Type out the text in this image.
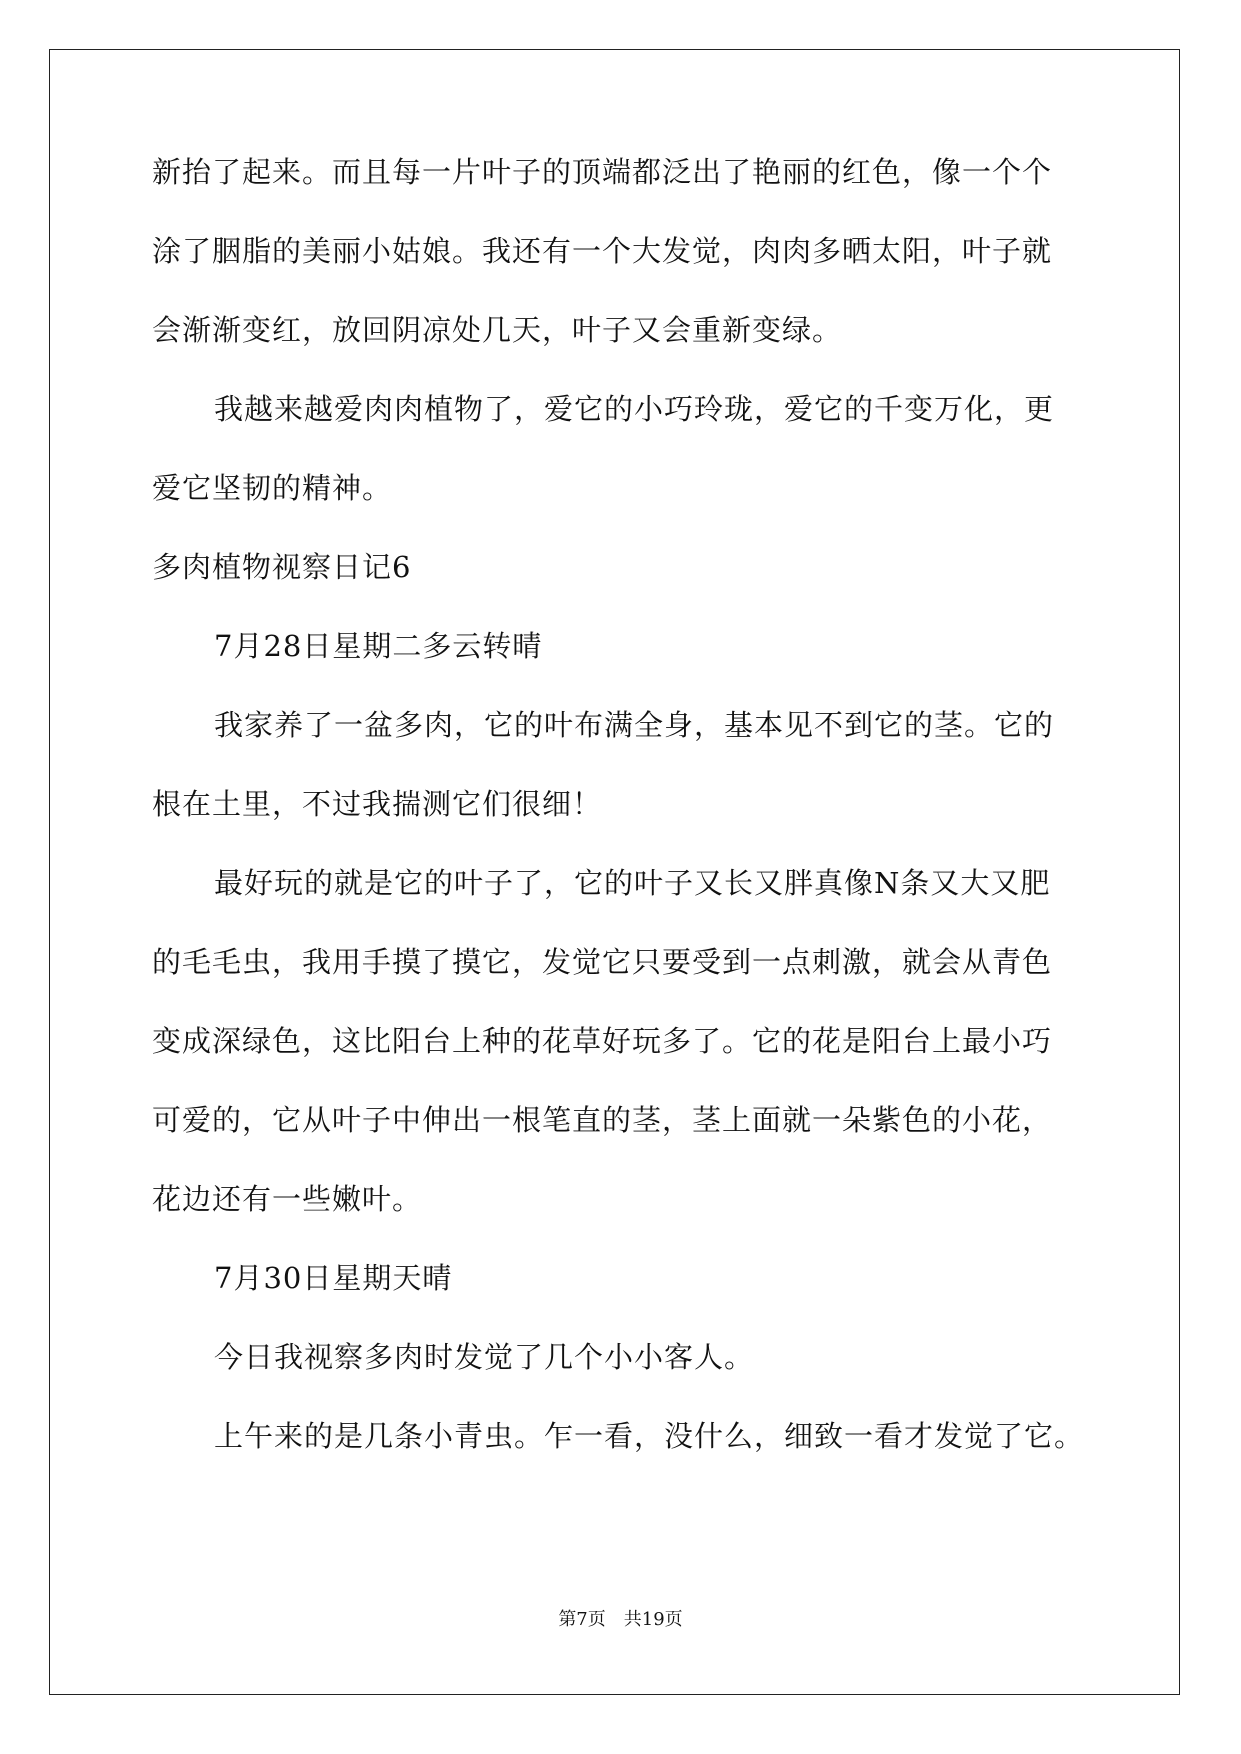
新抬了起来。而且每一片叶子的顶端都泛出了艳丽的红色，像一个个
涂了胭脂的美丽小姑娘。我还有一个大发觉，肉肉多晒太阳，叶子就
会渐渐变红，放回阴凉处几天，叶子又会重新变绿。
我越来越爱肉肉植物了，爱它的小巧玲珑，爱它的千变万化，更
爱它坚韧的精神。
多肉植物视察日记6
7月28日星期二多云转晴
我家养了一盆多肉，它的叶布满全身，基本见不到它的茎。它的
根在土里，不过我揣测它们很细！
最好玩的就是它的叶子了，它的叶子又长又胖真像N条又大又肥
的毛毛虫，我用手摸了摸它，发觉它只要受到一点刺激，就会从青色
变成深绿色，这比阳台上种的花草好玩多了。它的花是阳台上最小巧
可爱的，它从叶子中伸出一根笔直的茎，茎上面就一朵紫色的小花，
花边还有一些嫩叶。
7月30日星期天晴
今日我视察多肉时发觉了几个小小客人。
上午来的是几条小青虫。乍一看，没什么，细致一看才发觉了它。
第7页　共19页
